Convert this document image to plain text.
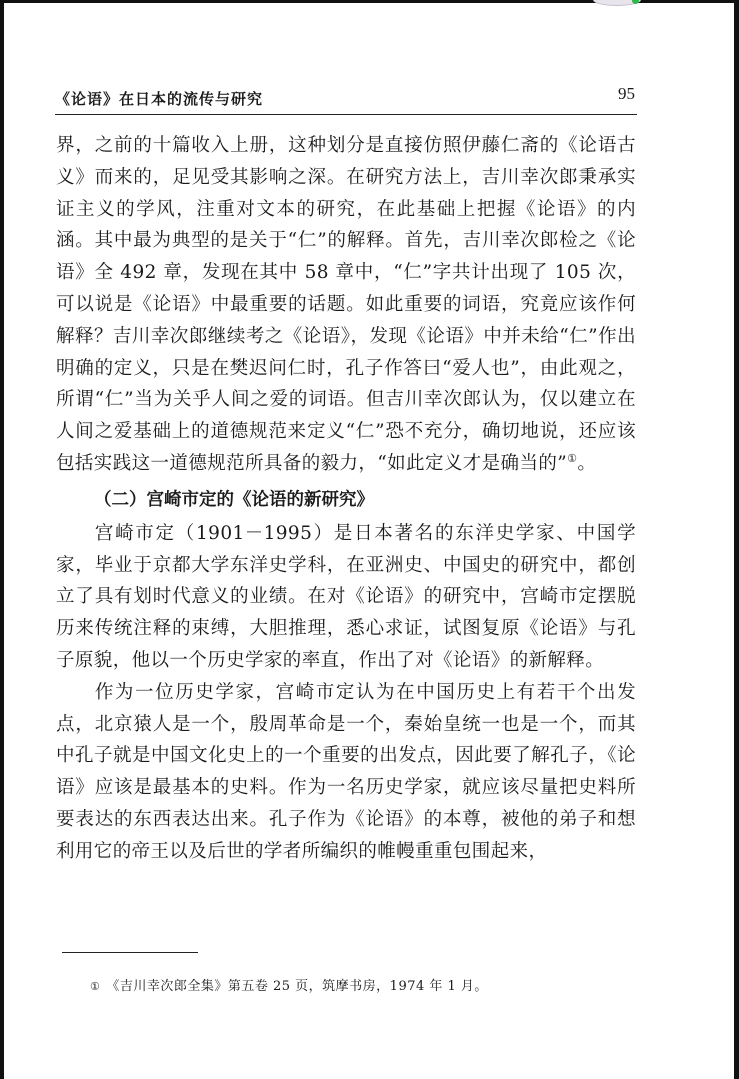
《论语》在日本的流传与研究	95

界，之前的十篇收入上册，这种划分是直接仿照伊藤仁斋的《论语古义》而来的，足见受其影响之深。在研究方法上，吉川幸次郎秉承实证主义的学风，注重对文本的研究，在此基础上把握《论语》的内涵。其中最为典型的是关于“仁”的解释。首先，吉川幸次郎检之《论语》全 492 章，发现在其中 58 章中，“仁”字共计出现了 105 次，可以说是《论语》中最重要的话题。如此重要的词语，究竟应该作何解释？吉川幸次郎继续考之《论语》，发现《论语》中并未给“仁”作出明确的定义，只是在樊迟问仁时，孔子作答曰“爱人也”，由此观之，所谓“仁”当为关乎人间之爱的词语。但吉川幸次郎认为，仅以建立在人间之爱基础上的道德规范来定义“仁”恐不充分，确切地说，还应该包括实践这一道德规范所具备的毅力，“如此定义才是确当的”①。

（二）宫崎市定的《论语的新研究》

宫崎市定（1901－1995）是日本著名的东洋史学家、中国学家，毕业于京都大学东洋史学科，在亚洲史、中国史的研究中，都创立了具有划时代意义的业绩。在对《论语》的研究中，宫崎市定摆脱历来传统注释的束缚，大胆推理，悉心求证，试图复原《论语》与孔子原貌，他以一个历史学家的率直，作出了对《论语》的新解释。

作为一位历史学家，宫崎市定认为在中国历史上有若干个出发点，北京猿人是一个，殷周革命是一个，秦始皇统一也是一个，而其中孔子就是中国文化史上的一个重要的出发点，因此要了解孔子，《论语》应该是最基本的史料。作为一名历史学家，就应该尽量把史料所要表达的东西表达出来。孔子作为《论语》的本尊，被他的弟子和想利用它的帝王以及后世的学者所编织的帷幔重重包围起来，

① 《吉川幸次郎全集》第五卷 25 页，筑摩书房，1974 年 1 月。
